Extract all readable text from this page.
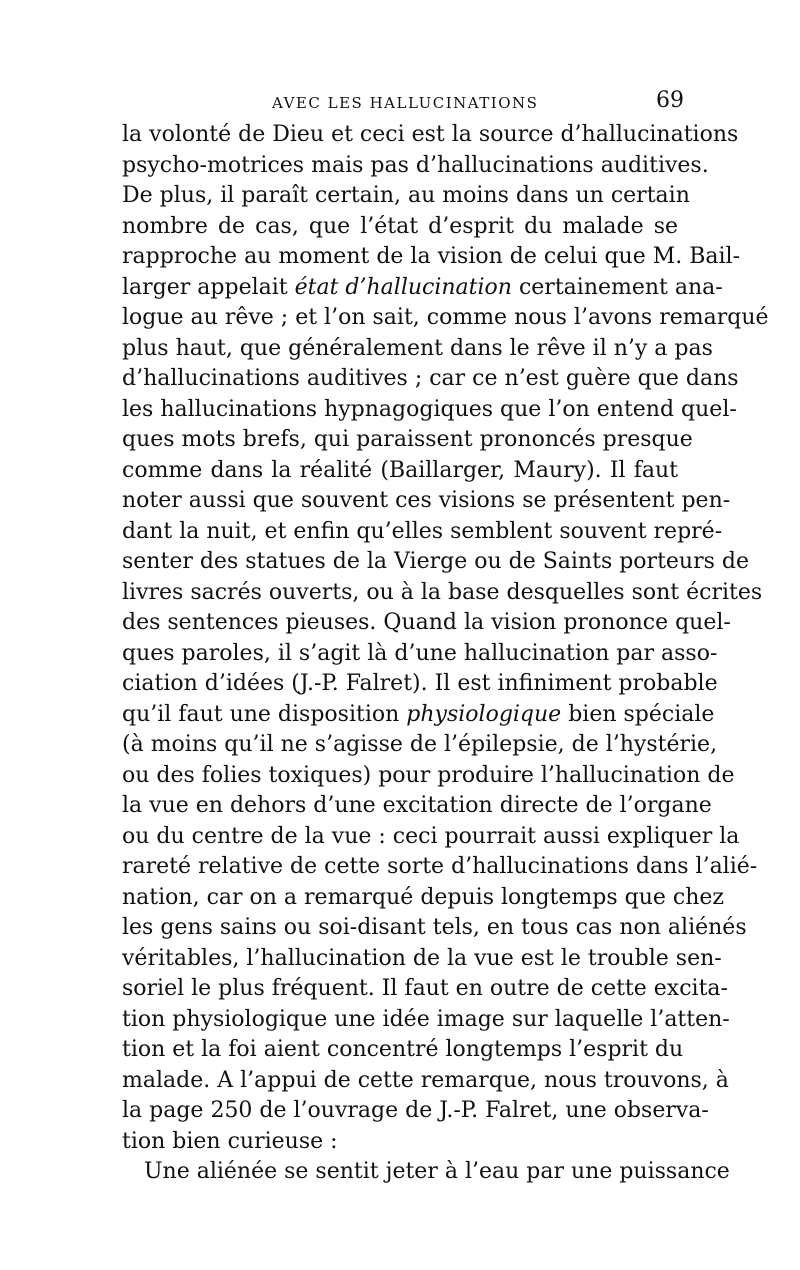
AVEC LES HALLUCINATIONS	69
la volonté de Dieu et ceci est la source d’hallucinations
psycho-motrices mais pas d’hallucinations auditives.
De plus, il paraît certain, au moins dans un certain
nombre de cas, que l’état d’esprit du malade se
rapproche au moment de la vision de celui que M. Bail-
larger appelait état d’hallucination certainement ana-
logue au rêve ; et l’on sait, comme nous l’avons remarqué
plus haut, que généralement dans le rêve il n’y a pas
d’hallucinations auditives ; car ce n’est guère que dans
les hallucinations hypnagogiques que l’on entend quel-
ques mots brefs, qui paraissent prononcés presque
comme dans la réalité (Baillarger, Maury). Il faut
noter aussi que souvent ces visions se présentent pen-
dant la nuit, et enfin qu’elles semblent souvent repré-
senter des statues de la Vierge ou de Saints porteurs de
livres sacrés ouverts, ou à la base desquelles sont écrites
des sentences pieuses. Quand la vision prononce quel-
ques paroles, il s’agit là d’une hallucination par asso-
ciation d’idées (J.-P. Falret). Il est infiniment probable
qu’il faut une disposition physiologique bien spéciale
(à moins qu’il ne s’agisse de l’épilepsie, de l’hystérie,
ou des folies toxiques) pour produire l’hallucination de
la vue en dehors d’une excitation directe de l’organe
ou du centre de la vue : ceci pourrait aussi expliquer la
rareté relative de cette sorte d’hallucinations dans l’alié-
nation, car on a remarqué depuis longtemps que chez
les gens sains ou soi-disant tels, en tous cas non aliénés
véritables, l’hallucination de la vue est le trouble sen-
soriel le plus fréquent. Il faut en outre de cette excita-
tion physiologique une idée image sur laquelle l’atten-
tion et la foi aient concentré longtemps l’esprit du
malade. A l’appui de cette remarque, nous trouvons, à
la page 250 de l’ouvrage de J.-P. Falret, une observa-
tion bien curieuse :
Une aliénée se sentit jeter à l’eau par une puissance
